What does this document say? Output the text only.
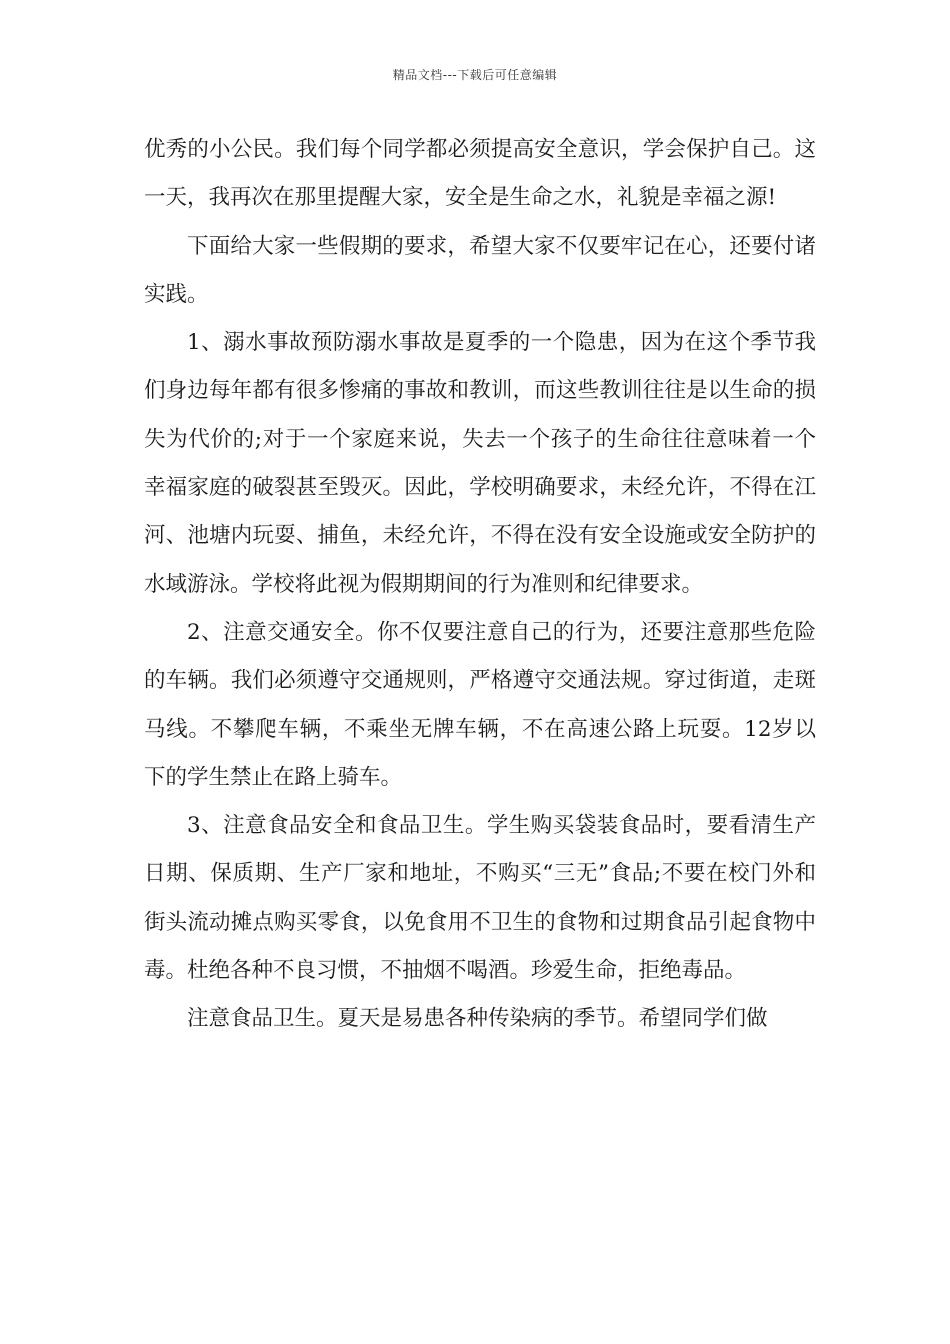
精品文档---下载后可任意编辑

优秀的小公民。我们每个同学都必须提高安全意识，学会保护自己。这一天，我再次在那里提醒大家，安全是生命之水，礼貌是幸福之源!

下面给大家一些假期的要求，希望大家不仅要牢记在心，还要付诸实践。

1、溺水事故预防溺水事故是夏季的一个隐患，因为在这个季节我们身边每年都有很多惨痛的事故和教训，而这些教训往往是以生命的损失为代价的;对于一个家庭来说，失去一个孩子的生命往往意味着一个幸福家庭的破裂甚至毁灭。因此，学校明确要求，未经允许，不得在江河、池塘内玩耍、捕鱼，未经允许，不得在没有安全设施或安全防护的水域游泳。学校将此视为假期期间的行为准则和纪律要求。

2、注意交通安全。你不仅要注意自己的行为，还要注意那些危险的车辆。我们必须遵守交通规则，严格遵守交通法规。穿过街道，走斑马线。不攀爬车辆，不乘坐无牌车辆，不在高速公路上玩耍。12岁以下的学生禁止在路上骑车。

3、注意食品安全和食品卫生。学生购买袋装食品时，要看清生产日期、保质期、生产厂家和地址，不购买“三无”食品;不要在校门外和街头流动摊点购买零食，以免食用不卫生的食物和过期食品引起食物中毒。杜绝各种不良习惯，不抽烟不喝酒。珍爱生命，拒绝毒品。

注意食品卫生。夏天是易患各种传染病的季节。希望同学们做
